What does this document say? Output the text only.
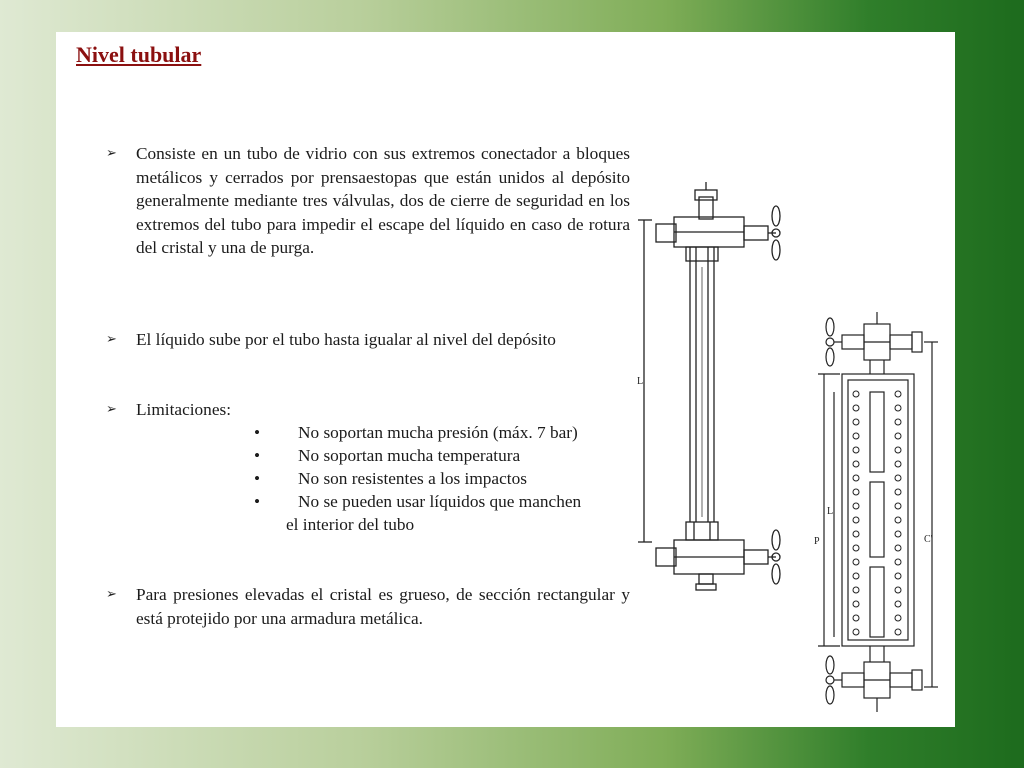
Nivel tubular
➢ Consiste en un tubo de vidrio con sus extremos conectador a bloques metálicos y cerrados por prensaestopas que están unidos al depósito generalmente mediante tres válvulas, dos de cierre de seguridad en los extremos del tubo para impedir el escape del líquido en caso de rotura del cristal y una de purga.
➢ El líquido sube por el tubo hasta igualar al nivel del depósito
➢ Limitaciones:
• No soportan mucha presión (máx. 7 bar)
• No soportan mucha temperatura
• No son resistentes a los impactos
• No se pueden usar líquidos que manchen
el interior del tubo
➢ Para presiones elevadas el cristal es grueso, de sección rectangular y está protejido por una armadura metálica.
L
P
L
C'
